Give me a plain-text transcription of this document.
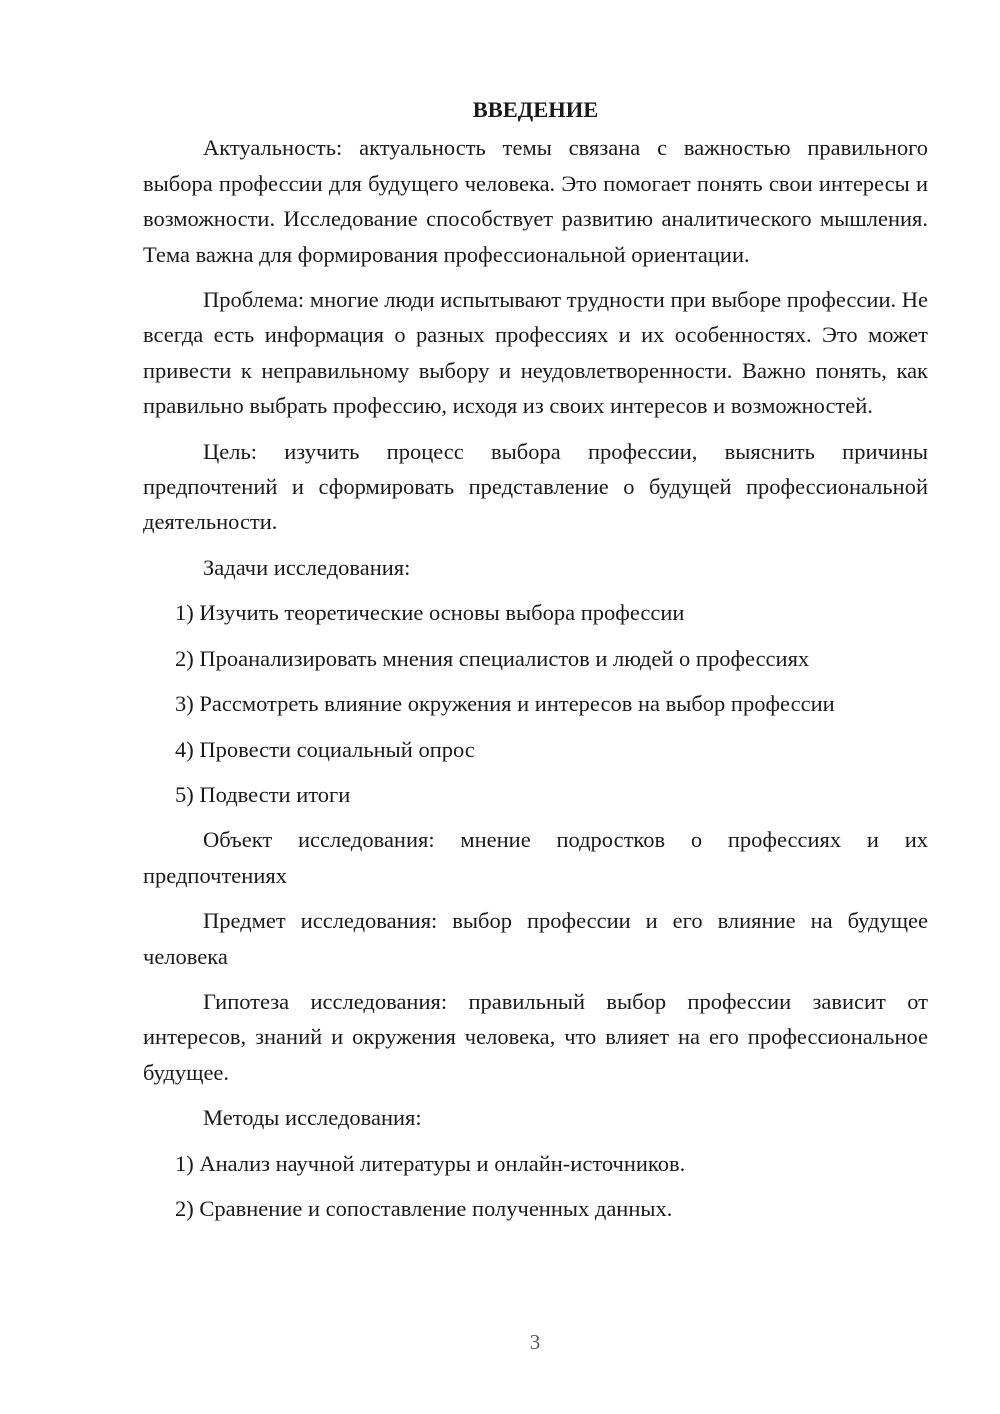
ВВЕДЕНИЕ

Актуальность: актуальность темы связана с важностью правильного выбора профессии для будущего человека. Это помогает понять свои интересы и возможности. Исследование способствует развитию аналитического мышления. Тема важна для формирования профессиональной ориентации.

Проблема: многие люди испытывают трудности при выборе профессии. Не всегда есть информация о разных профессиях и их особенностях. Это может привести к неправильному выбору и неудовлетворенности. Важно понять, как правильно выбрать профессию, исходя из своих интересов и возможностей.

Цель: изучить процесс выбора профессии, выяснить причины предпочтений и сформировать представление о будущей профессиональной деятельности.

Задачи исследования:

1) Изучить теоретические основы выбора профессии

2) Проанализировать мнения специалистов и людей о профессиях

3) Рассмотреть влияние окружения и интересов на выбор профессии

4) Провести социальный опрос

5) Подвести итоги

Объект исследования: мнение подростков о профессиях и их предпочтениях

Предмет исследования: выбор профессии и его влияние на будущее человека

Гипотеза исследования: правильный выбор профессии зависит от интересов, знаний и окружения человека, что влияет на его профессиональное будущее.

Методы исследования:

1) Анализ научной литературы и онлайн-источников.

2) Сравнение и сопоставление полученных данных.

3
